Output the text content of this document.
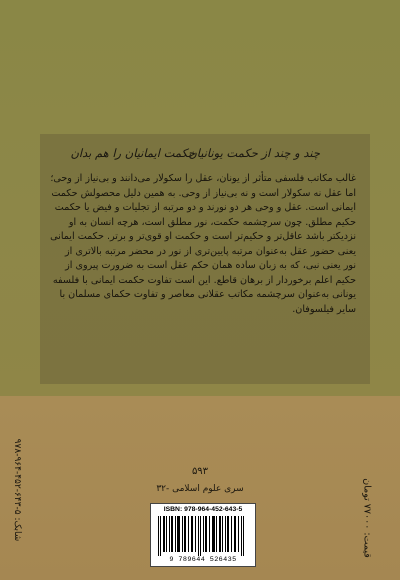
چند و چند از حکمت یونانیان
حکمت ایمانیان را هم بدان
غالب مکاتب فلسفی متأثر از یونان، عقل را سکولار می‌دانند و بی‌نیاز از وحی؛
اما عقل نه سکولار است و نه بی‌نیاز از وحی. به همین دلیل محصولش حکمت
ایمانی است. عقل و وحی هر دو نورند و دو مرتبه از تجلیات و فیض یا حکمت
حکیم مطلق. چون سرچشمه حکمت، نور مطلق است، هرچه انسان به او
نزدیکتر باشد عاقل‌تر و حکیم‌تر است و حکمت او قوی‌تر و برتر. حکمت ایمانی
یعنی حضور عقل به‌عنوان مرتبه پایین‌تری از نور در محضر مرتبه بالاتری از
نور یعنی نبی، که به زبان ساده همان حکم عقل است به ضرورت پیروی از
حکیم اعلم برخوردار از برهان قاطع. این است تفاوت حکمت ایمانی با فلسفه
یونانی به‌عنوان سرچشمه مکاتب عقلانی معاصر و تفاوت حکمای مسلمان با
سایر فیلسوفان.
۵۹۳
سری علوم اسلامی -۳۲
ISBN: 978-964-452-643-5
9 789644 526435
شابک: ۵-۶۴۳-۴۵۲-۹۶۴-۹۷۸
قیمت: ۷۷۰۰۰ تومان
